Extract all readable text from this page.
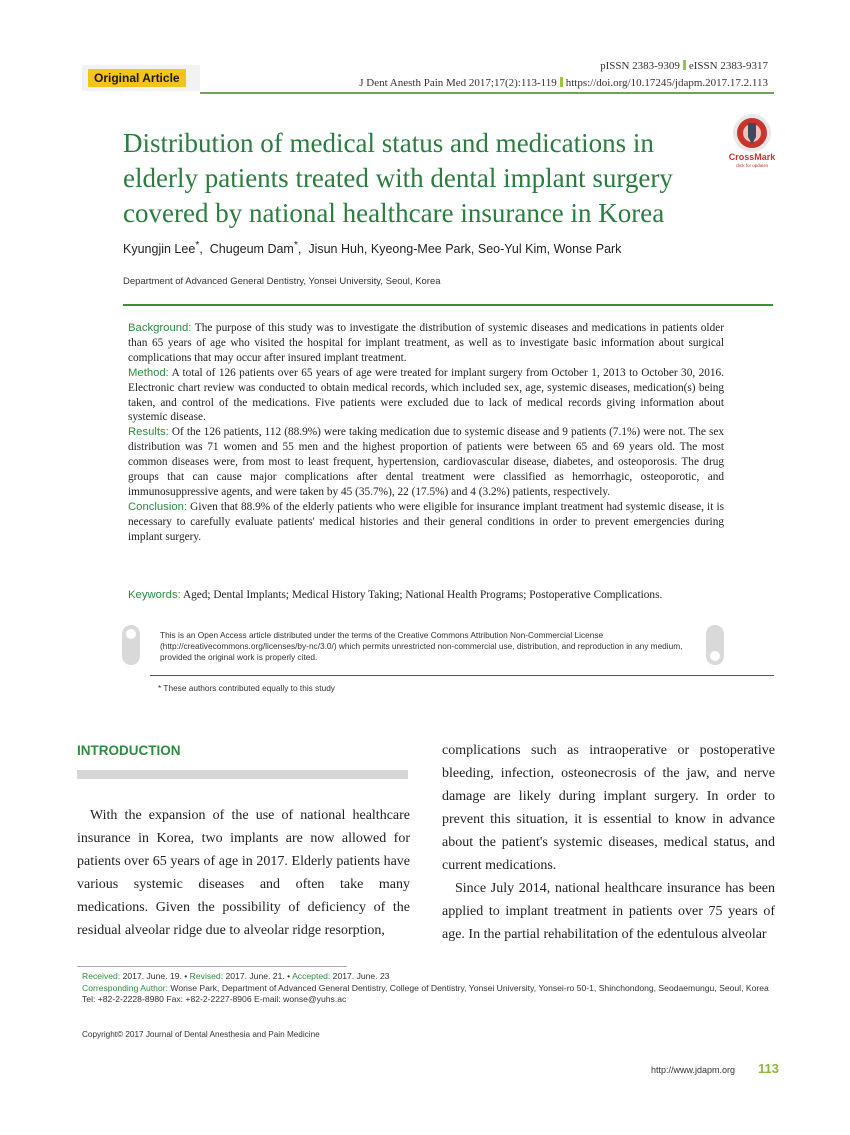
Original Article
pISSN 2383-9309 eISSN 2383-9317
J Dent Anesth Pain Med 2017;17(2):113-119 https://doi.org/10.17245/jdapm.2017.17.2.113
Distribution of medical status and medications in
elderly patients treated with dental implant surgery
covered by national healthcare insurance in Korea
CrossMark
click for updates
Kyungjin Lee*,  Chugeum Dam*,  Jisun Huh, Kyeong-Mee Park, Seo-Yul Kim, Wonse Park
Department of Advanced General Dentistry, Yonsei University, Seoul, Korea

Background: The purpose of this study was to investigate the distribution of systemic diseases and medications in patients older than 65 years of age who visited the hospital for implant treatment, as well as to investigate basic information about surgical complications that may occur after insured implant treatment.

Method: A total of 126 patients over 65 years of age were treated for implant surgery from October 1, 2013 to October 30, 2016. Electronic chart review was conducted to obtain medical records, which included sex, age, systemic diseases, medication(s) being taken, and control of the medications. Five patients were excluded due to lack of medical records giving information about systemic disease.

Results: Of the 126 patients, 112 (88.9%) were taking medication due to systemic disease and 9 patients (7.1%) were not. The sex distribution was 71 women and 55 men and the highest proportion of patients were between 65 and 69 years old. The most common diseases were, from most to least frequent, hypertension, cardiovascular disease, diabetes, and osteoporosis. The drug groups that can cause major complications after dental treatment were classified as hemorrhagic, osteoporotic, and immunosuppressive agents, and were taken by 45 (35.7%), 22 (17.5%) and 4 (3.2%) patients, respectively.

Conclusion: Given that 88.9% of the elderly patients who were eligible for insurance implant treatment had systemic disease, it is necessary to carefully evaluate patients' medical histories and their general conditions in order to prevent emergencies during implant surgery.

Keywords: Aged; Dental Implants; Medical History Taking; National Health Programs; Postoperative Complications.
This is an Open Access article distributed under the terms of the Creative Commons Attribution Non-Commercial License (http://creativecommons.org/licenses/by-nc/3.0/) which permits unrestricted non-commercial use, distribution, and reproduction in any medium, provided the original work is properly cited.
* These authors contributed equally to this study
INTRODUCTION

With the expansion of the use of national healthcare insurance in Korea, two implants are now allowed for patients over 65 years of age in 2017. Elderly patients have various systemic diseases and often take many medications. Given the possibility of deficiency of the residual alveolar ridge due to alveolar ridge resorption,

complications such as intraoperative or postoperative bleeding, infection, osteonecrosis of the jaw, and nerve damage are likely during implant surgery. In order to prevent this situation, it is essential to know in advance about the patient's systemic diseases, medical status, and current medications.

Since July 2014, national healthcare insurance has been applied to implant treatment in patients over 75 years of age. In the partial rehabilitation of the edentulous alveolar

Received: 2017. June. 19. • Revised: 2017. June. 21. • Accepted: 2017. June. 23

Corresponding Author: Wonse Park, Department of Advanced General Dentistry, College of Dentistry, Yonsei University, Yonsei-ro 50-1, Shinchondong, Seodaemungu, Seoul, Korea

Tel: +82-2-2228-8980 Fax: +82-2-2227-8906 E-mail: wonse@yuhs.ac

Copyright© 2017 Journal of Dental Anesthesia and Pain Medicine
http://www.jdapm.org 113
